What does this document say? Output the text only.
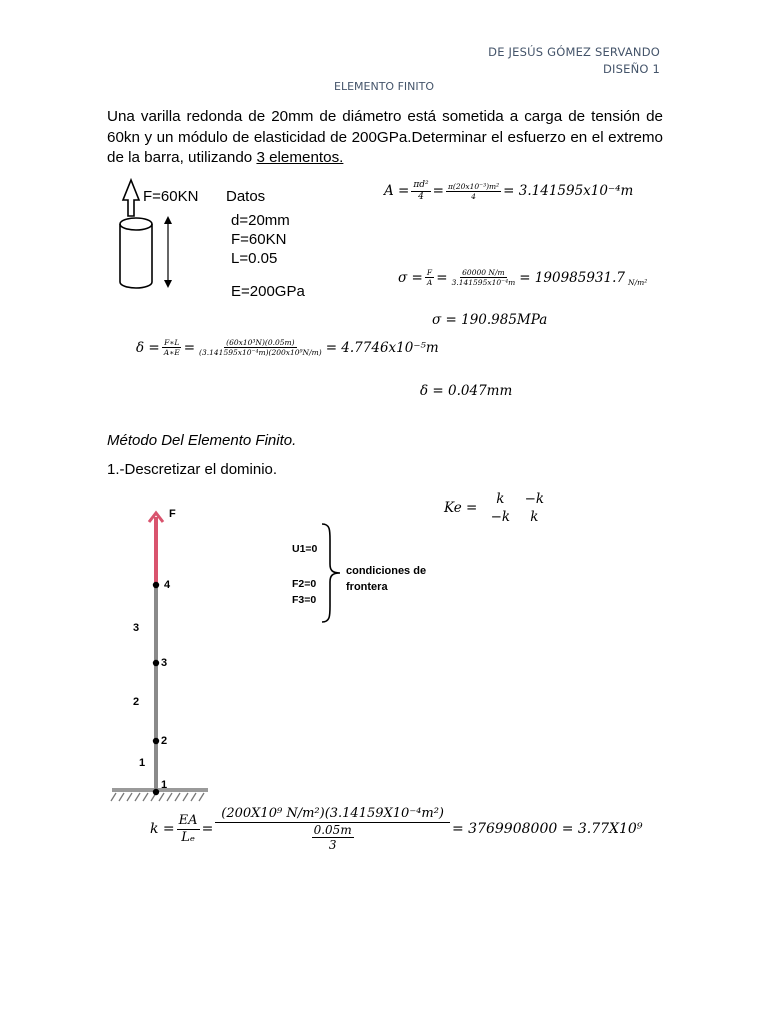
DE JESÚS GÓMEZ SERVANDO
DISEÑO 1
ELEMENTO FINITO
Una varilla redonda de 20mm de diámetro está sometida a carga de tensión de 60kn y un módulo de elasticidad de 200GPa.Determinar el esfuerzo en el extremo de la barra, utilizando 3 elementos.
F=60KN Datos
d=20mm
F=60KN
L=0.05
E=200GPa
$A = \frac{\text{πd²}}{4} = \frac{\text{π(20x10⁻³)m²}}{4} = 3.141595x10^{-4}m$
$\sigma = \frac{F}{A} = \frac{60000 N/m}{\text{3.141595x10⁻⁴m}} = 190985931.7$ N/m²
σ = 190.985MPa
$\delta = \frac{F∗L}{A∗E} = \frac{\text{(60x10³N)(0.05m)}}{\text{(3.141595x10⁻⁴m)(200x10⁹N/m)}} = 4.7746x10^{-5}m$
δ = 0.047mm
Método Del Elemento Finito.
1.-Descretizar el dominio.
Ke =
k	−k
−k	k
F
1
2
3
4
1
2
3
U1=0
F2=0
F3=0
condiciones de
frontera
$k = \frac{EA}{\text{Lₑ}} = \frac{\text{(200X10⁹ N/m²)(3.14159X10⁻⁴m²)}}{\frac{0.05m}{3}} = 3769908000 = 3.77X10^9$
